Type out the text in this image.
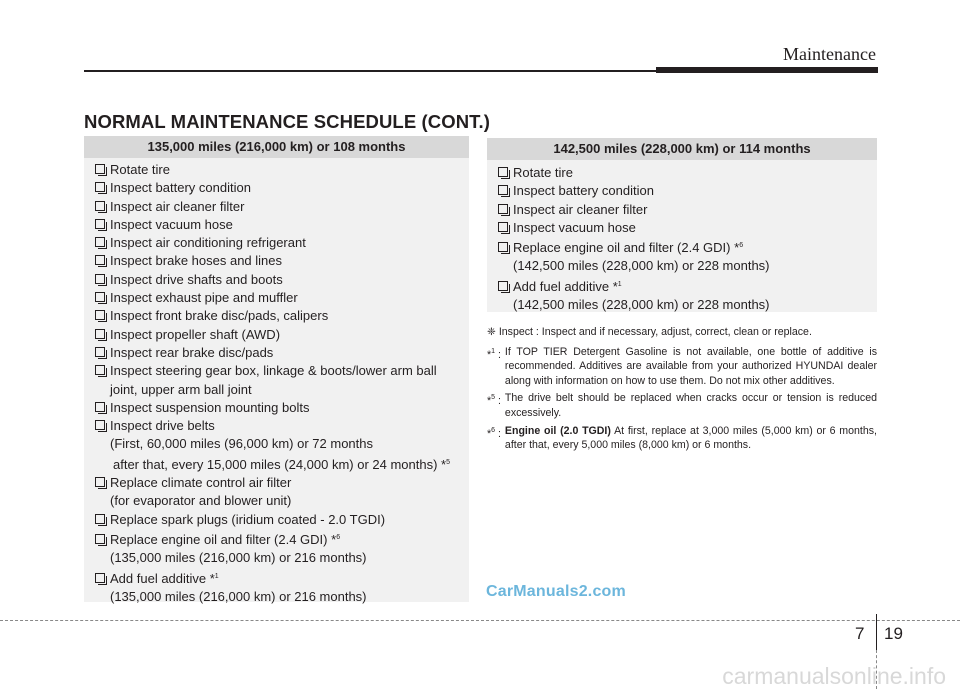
Maintenance
NORMAL MAINTENANCE SCHEDULE (CONT.)
135,000 miles (216,000 km) or 108 months
Rotate tire
Inspect battery condition
Inspect air cleaner filter
Inspect vacuum hose
Inspect air conditioning refrigerant
Inspect brake hoses and lines
Inspect drive shafts and boots
Inspect exhaust pipe and muffler
Inspect front brake disc/pads, calipers
Inspect propeller shaft (AWD)
Inspect rear brake disc/pads
Inspect steering gear box, linkage & boots/lower arm ball
joint, upper arm ball joint
Inspect suspension mounting bolts
Inspect drive belts
(First, 60,000 miles (96,000 km) or 72 months
after that, every 15,000 miles (24,000 km) or 24 months) *$^5$
Replace climate control air filter
(for evaporator and blower unit)
Replace spark plugs (iridium coated - 2.0 TGDI)
Replace engine oil and filter (2.4 GDI) *$^6$
(135,000 miles (216,000 km) or 216 months)
Add fuel additive *$^1$
(135,000 miles (216,000 km) or 216 months)
142,500 miles (228,000 km) or 114 months
Rotate tire
Inspect battery condition
Inspect air cleaner filter
Inspect vacuum hose
Replace engine oil and filter (2.4 GDI) *$^6$
(142,500 miles (228,000 km) or 228 months)
Add fuel additive *$^1$
(142,500 miles (228,000 km) or 228 months)
❈ Inspect : Inspect and if necessary, adjust, correct, clean or replace.
*$^1$ : If TOP TIER Detergent Gasoline is not available, one bottle of additive is recommended. Additives are available from your authorized HYUNDAI dealer along with information on how to use them. Do not mix other additives.
*$^5$ : The drive belt should be replaced when cracks occur or tension is reduced excessively.
*$^6$ : Engine oil (2.0 TGDI) At first, replace at 3,000 miles (5,000 km) or 6 months, after that, every 5,000 miles (8,000 km) or 6 months.
CarManuals2.com
7 19
carmanualsonline.info
